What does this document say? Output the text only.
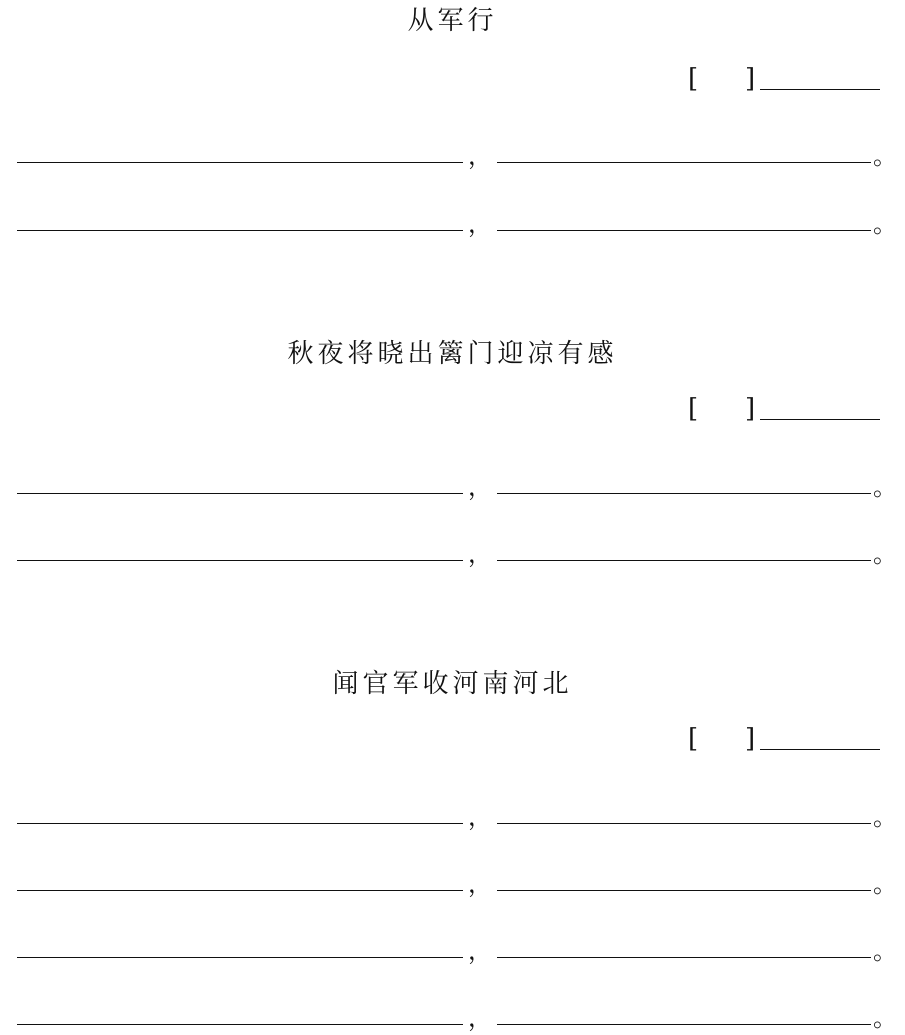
从军行
[ ]
，	。
，	。
秋夜将晓出篱门迎凉有感
[ ]
，	。
，	。
闻官军收河南河北
[ ]
，	。
，	。
，	。
，	。
